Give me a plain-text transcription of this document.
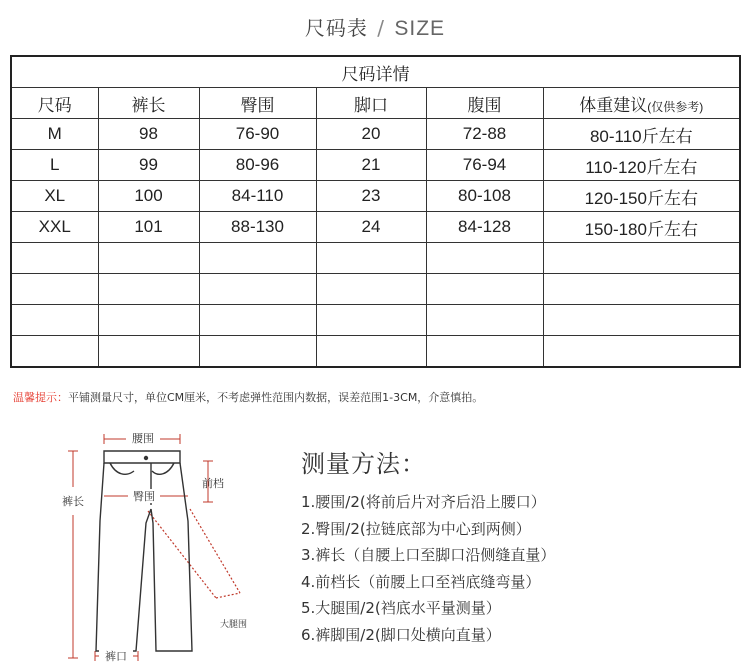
尺码表 / SIZE
尺码详情					
尺码	裤长	臀围	脚口	腹围	体重建议(仅供参考)
M	98	76-90	20	72-88	80-110斤左右
L	99	80-96	21	76-94	110-120斤左右
XL	100	84-110	23	80-108	120-150斤左右
XXL	101	88-130	24	84-128	150-180斤左右

温馨提示：平铺测量尺寸，单位CM厘米，不考虑弹性范围内数据，误差范围1-3CM，介意慎拍。
腰围
裤长	臀围
前档
大腿围
裤口
测量方法：
1.腰围/2(将前后片对齐后沿上腰口）
2.臀围/2(拉链底部为中心到两侧）
3.裤长（自腰上口至脚口沿侧缝直量）
4.前档长（前腰上口至裆底缝弯量）
5.大腿围/2(裆底水平量测量）
6.裤脚围/2(脚口处横向直量）
